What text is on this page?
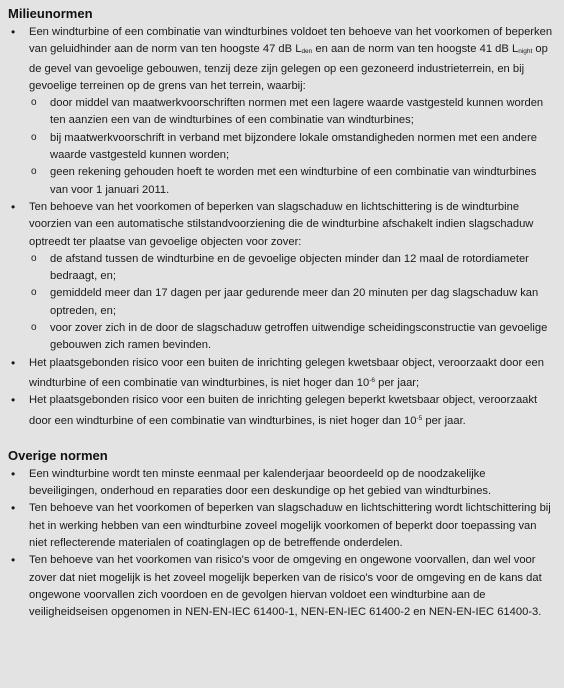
Milieunormen
• Een windturbine of een combinatie van windturbines voldoet ten behoeve van het voorkomen of beperken van geluidhinder aan de norm van ten hoogste 47 dB $L_{den}$ en aan de norm van ten hoogste 41 dB $L_{night}$ op de gevel van gevoelige gebouwen, tenzij deze zijn gelegen op een gezoneerd industrieterrein, en bij gevoelige terreinen op de grens van het terrein, waarbij:
o door middel van maatwerkvoorschriften normen met een lagere waarde vastgesteld kunnen worden ten aanzien een van de windturbines of een combinatie van windturbines;
o bij maatwerkvoorschrift in verband met bijzondere lokale omstandigheden normen met een andere waarde vastgesteld kunnen worden;
o geen rekening gehouden hoeft te worden met een windturbine of een combinatie van windturbines van voor 1 januari 2011.
• Ten behoeve van het voorkomen of beperken van slagschaduw en lichtschittering is de windturbine voorzien van een automatische stilstandvoorziening die de windturbine afschakelt indien slagschaduw optreedt ter plaatse van gevoelige objecten voor zover:
o de afstand tussen de windturbine en de gevoelige objecten minder dan 12 maal de rotordiameter bedraagt, en;
o gemiddeld meer dan 17 dagen per jaar gedurende meer dan 20 minuten per dag slagschaduw kan optreden, en;
o voor zover zich in de door de slagschaduw getroffen uitwendige scheidingsconstructie van gevoelige gebouwen zich ramen bevinden.
• Het plaatsgebonden risico voor een buiten de inrichting gelegen kwetsbaar object, veroorzaakt door een windturbine of een combinatie van windturbines, is niet hoger dan $10^{-6}$ per jaar;
• Het plaatsgebonden risico voor een buiten de inrichting gelegen beperkt kwetsbaar object, veroorzaakt door een windturbine of een combinatie van windturbines, is niet hoger dan $10^{-5}$ per jaar.
Overige normen
• Een windturbine wordt ten minste eenmaal per kalenderjaar beoordeeld op de noodzakelijke beveiligingen, onderhoud en reparaties door een deskundige op het gebied van windturbines.
• Ten behoeve van het voorkomen of beperken van slagschaduw en lichtschittering wordt lichtschittering bij het in werking hebben van een windturbine zoveel mogelijk voorkomen of beperkt door toepassing van niet reflecterende materialen of coatinglagen op de betreffende onderdelen.
• Ten behoeve van het voorkomen van risico's voor de omgeving en ongewone voorvallen, dan wel voor zover dat niet mogelijk is het zoveel mogelijk beperken van de risico's voor de omgeving en de kans dat ongewone voorvallen zich voordoen en de gevolgen hiervan voldoet een windturbine aan de veiligheidseisen opgenomen in NEN-EN-IEC 61400-1, NEN-EN-IEC 61400-2 en NEN-EN-IEC 61400-3.
